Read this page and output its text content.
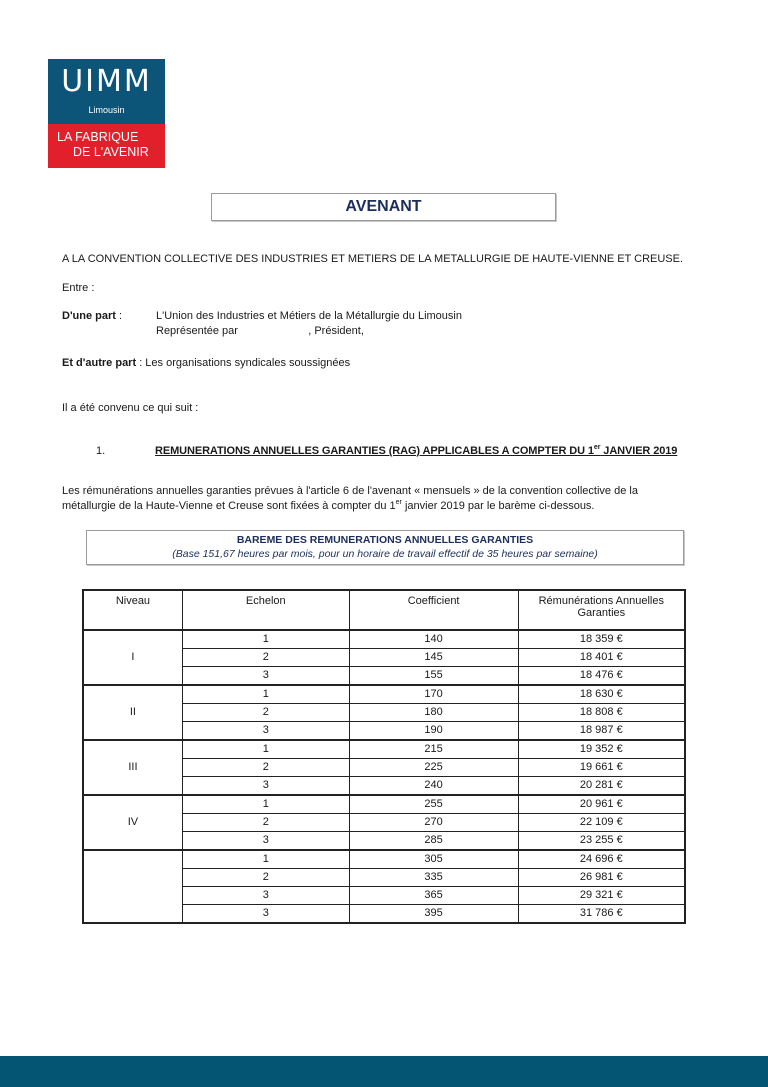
UIMM
Limousin
LA FABRIQUE
DE L'AVENIR
AVENANT
A LA CONVENTION COLLECTIVE DES INDUSTRIES ET METIERS DE LA METALLURGIE DE HAUTE-VIENNE ET CREUSE.
Entre :
D'une part :	L'Union des Industries et Métiers de la Métallurgie du Limousin
Représentée par                       , Président,
Et d'autre part : Les organisations syndicales soussignées
Il a été convenu ce qui suit :
1.	REMUNERATIONS ANNUELLES GARANTIES (RAG) APPLICABLES A COMPTER DU 1er JANVIER 2019
Les rémunérations annuelles garanties prévues à l'article 6 de l'avenant « mensuels » de la convention collective de la
métallurgie de la Haute-Vienne et Creuse sont fixées à compter du 1er janvier 2019 par le barème ci-dessous.
BAREME DES REMUNERATIONS ANNUELLES GARANTIES
(Base 151,67 heures par mois, pour un horaire de travail effectif de 35 heures par semaine)
Niveau	Echelon	Coefficient	Rémunérations Annuelles Garanties
I	1	140	18 359 €
	2	145	18 401 €
	3	155	18 476 €
II	1	170	18 630 €
	2	180	18 808 €
	3	190	18 987 €
III	1	215	19 352 €
	2	225	19 661 €
	3	240	20 281 €
IV	1	255	20 961 €
	2	270	22 109 €
	3	285	23 255 €
	1	305	24 696 €
	2	335	26 981 €
	3	365	29 321 €
	3	395	31 786 €
